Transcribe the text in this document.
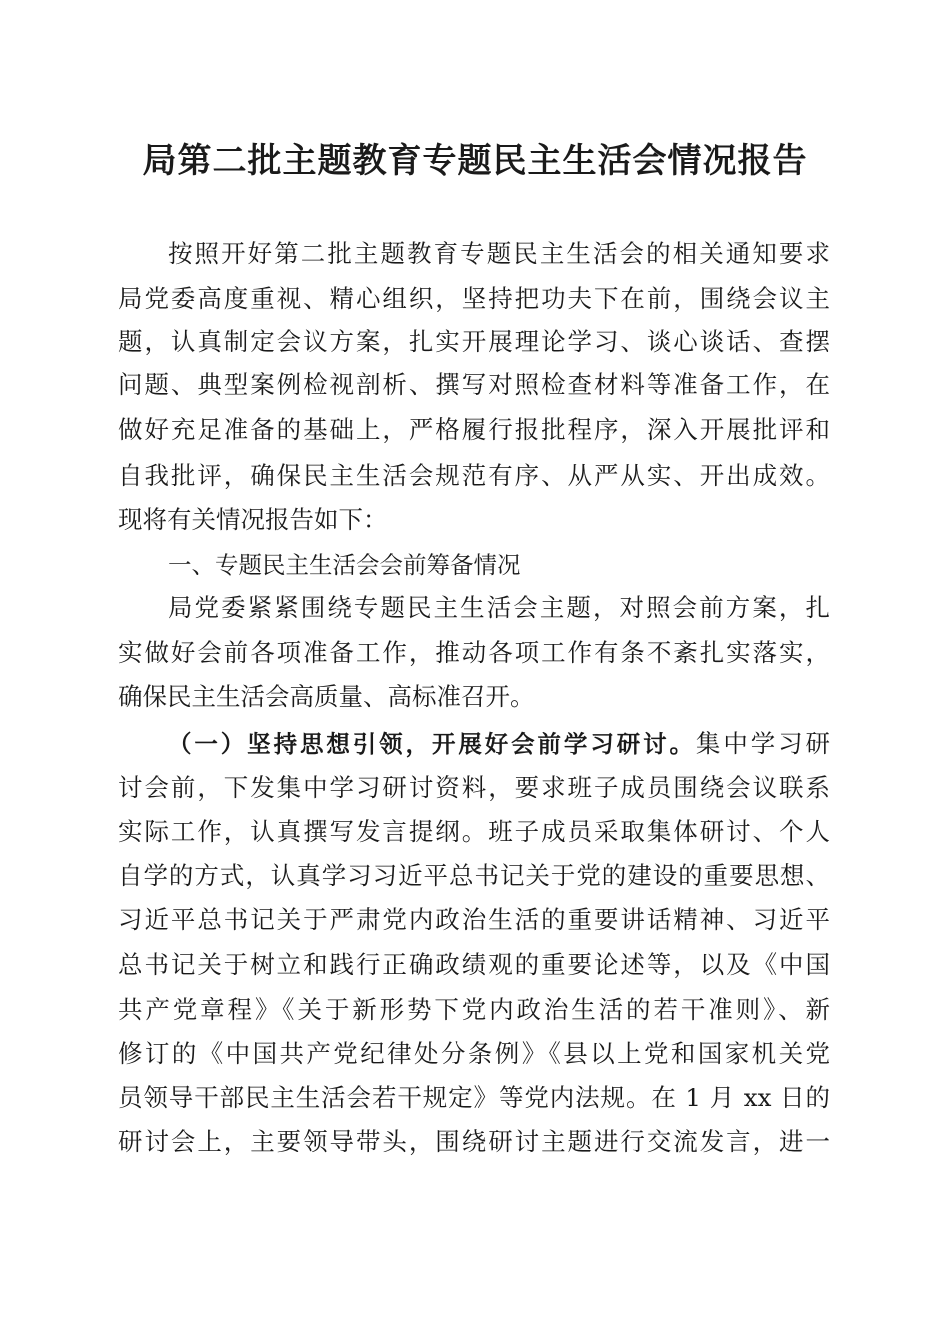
局第二批主题教育专题民主生活会情况报告

按照开好第二批主题教育专题民主生活会的相关通知要求

局党委高度重视、精心组织，坚持把功夫下在前，围绕会议主

题，认真制定会议方案，扎实开展理论学习、谈心谈话、查摆

问题、典型案例检视剖析、撰写对照检查材料等准备工作，在

做好充足准备的基础上，严格履行报批程序，深入开展批评和

自我批评，确保民主生活会规范有序、从严从实、开出成效。

现将有关情况报告如下：

一、专题民主生活会会前筹备情况

局党委紧紧围绕专题民主生活会主题，对照会前方案，扎

实做好会前各项准备工作，推动各项工作有条不紊扎实落实，

确保民主生活会高质量、高标准召开。

（一）坚持思想引领，开展好会前学习研讨。集中学习研

讨会前，下发集中学习研讨资料，要求班子成员围绕会议联系

实际工作，认真撰写发言提纲。班子成员采取集体研讨、个人

自学的方式，认真学习习近平总书记关于党的建设的重要思想、

习近平总书记关于严肃党内政治生活的重要讲话精神、习近平

总书记关于树立和践行正确政绩观的重要论述等，以及《中国

共产党章程》《关于新形势下党内政治生活的若干准则》、新

修订的《中国共产党纪律处分条例》《县以上党和国家机关党

员领导干部民主生活会若干规定》等党内法规。在 1 月 xx 日的

研讨会上，主要领导带头，围绕研讨主题进行交流发言，进一
